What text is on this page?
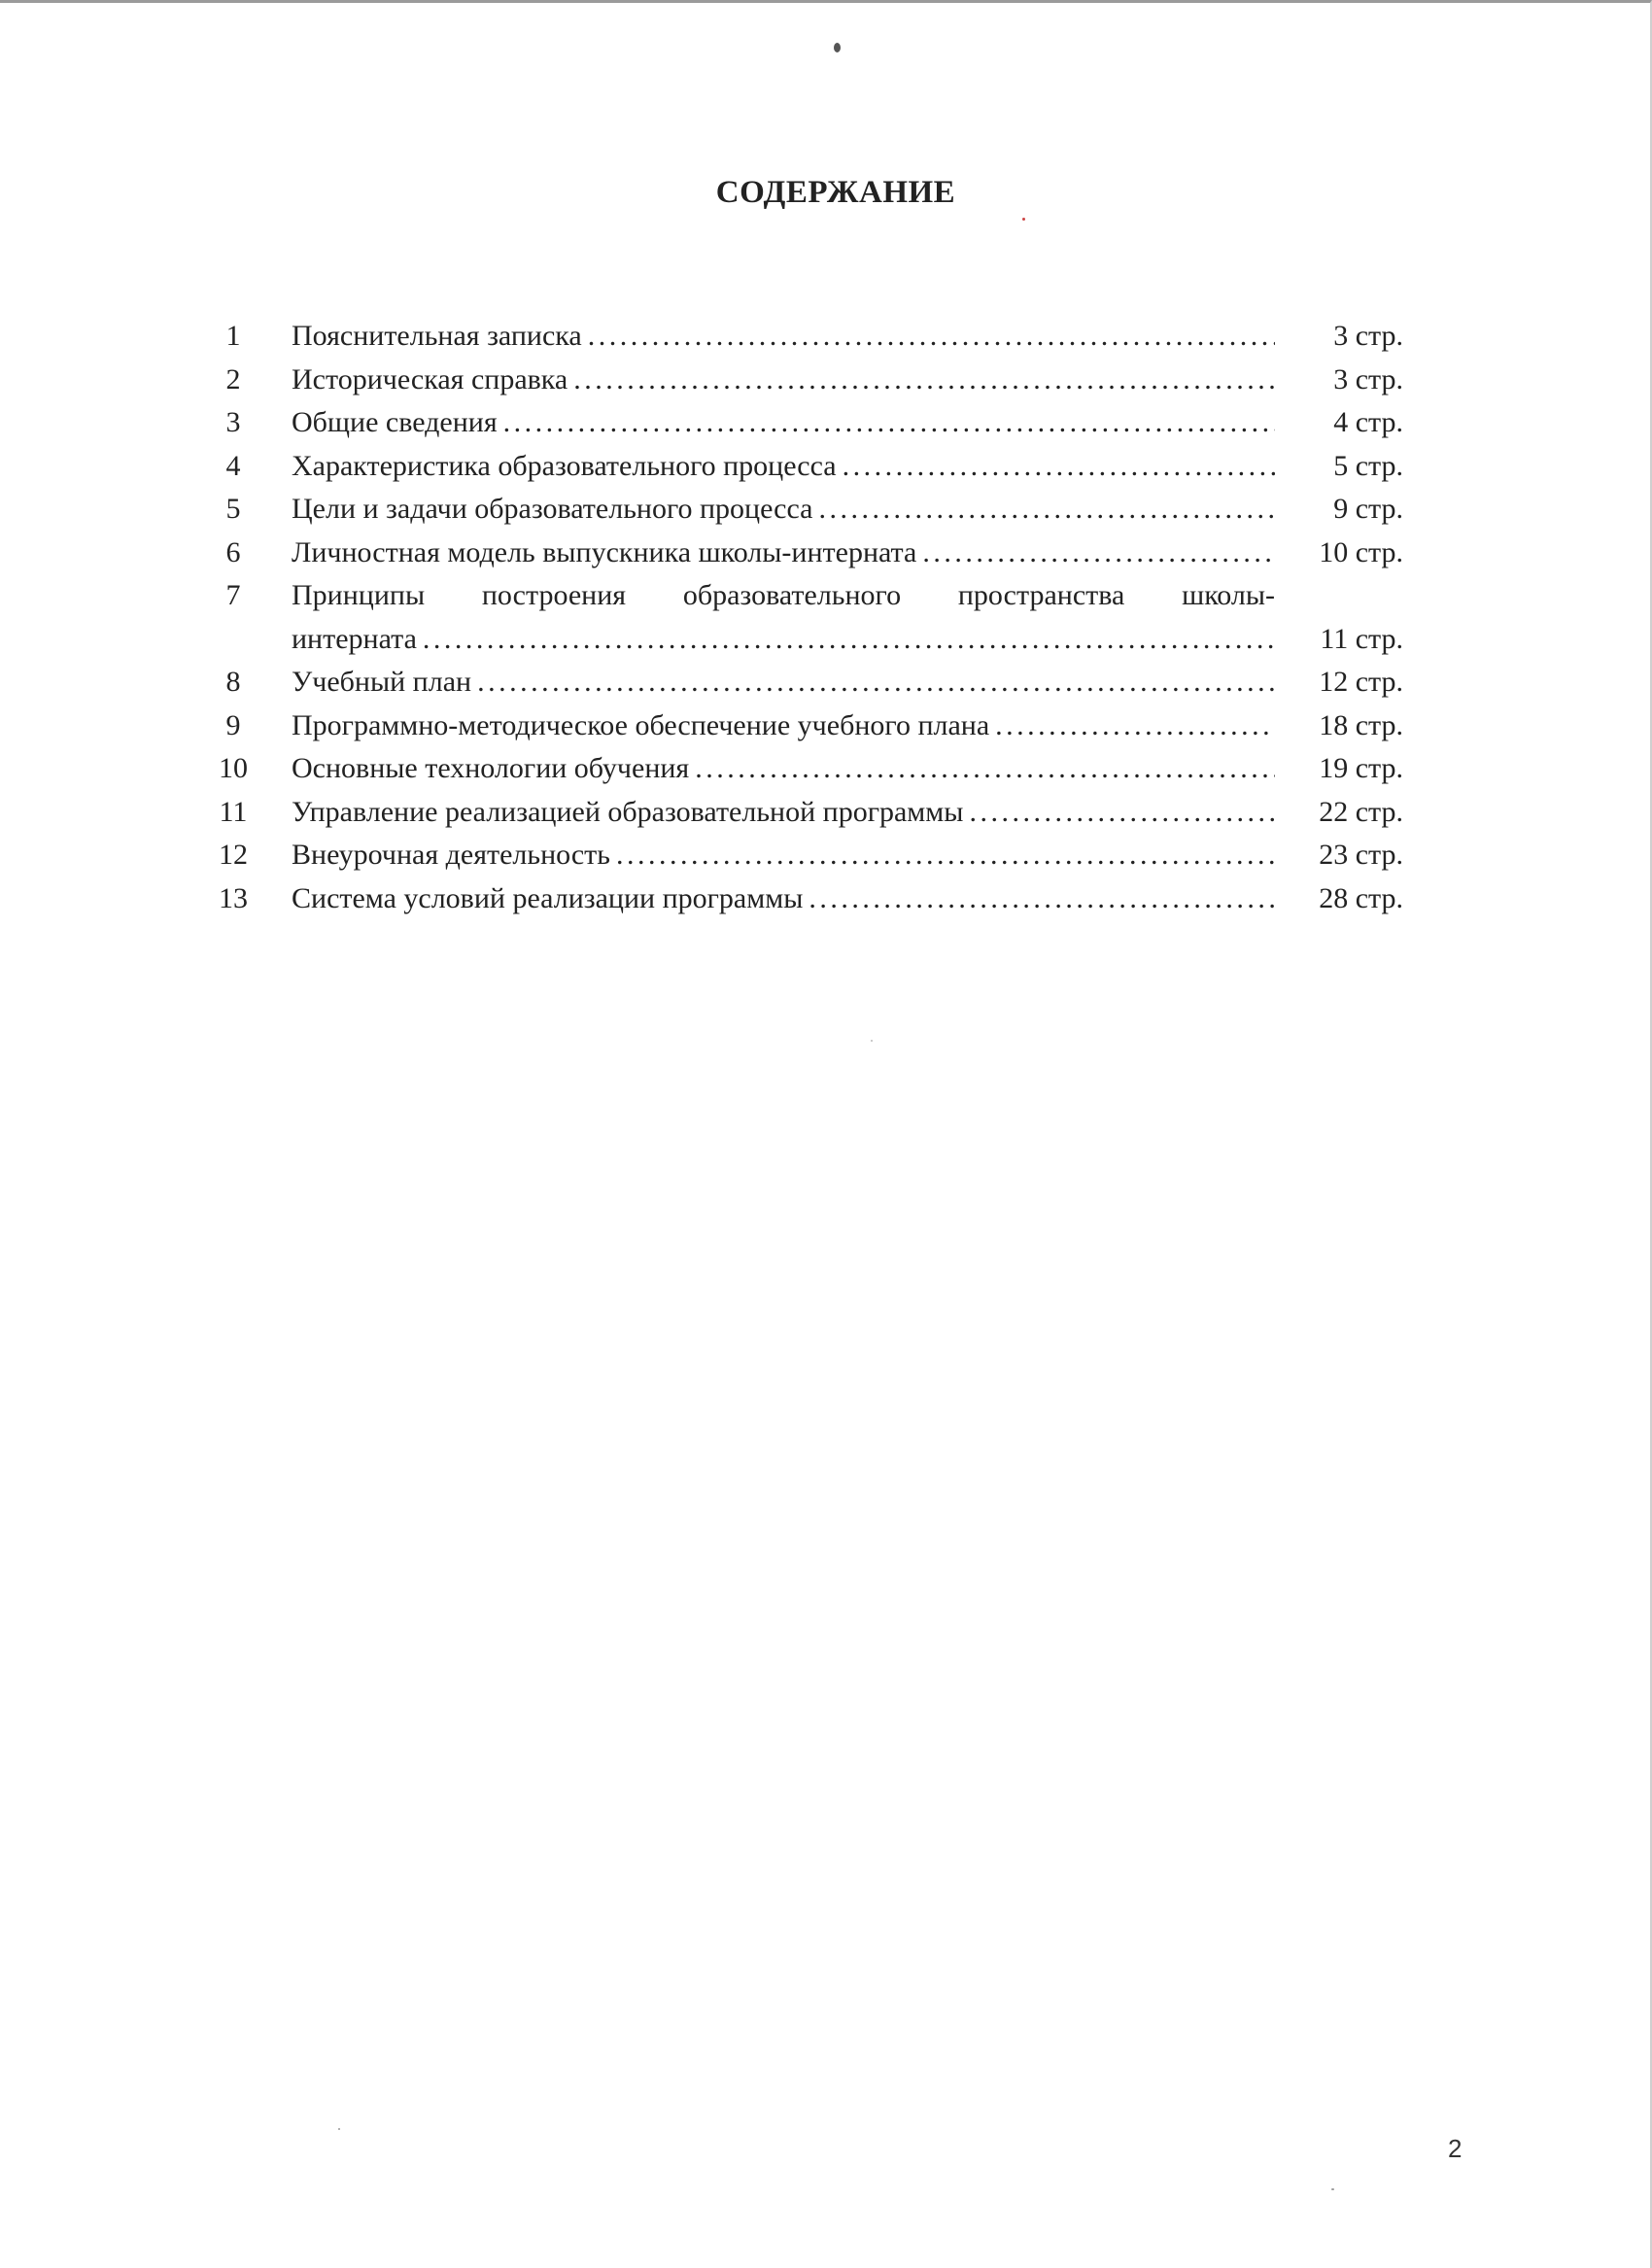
СОДЕРЖАНИЕ
1	Пояснительная записка . . .	3 стр.
2	Историческая справка . . .	3 стр.
3	Общие сведения . . .	4 стр.
4	Характеристика образовательного процесса . . .	5 стр.
5	Цели и задачи образовательного процесса . . .	9 стр.
6	Личностная модель выпускника школы-интерната . . .	10 стр.
7	Принципы построения образовательного пространства школы-
интерната . . .	11 стр.
8	Учебный план . . .	12 стр.
9	Программно-методическое обеспечение учебного плана . . .	18 стр.
10	Основные технологии обучения . . .	19 стр.
11	Управление реализацией образовательной программы . . .	22 стр.
12	Внеурочная деятельность . . .	23 стр.
13	Система условий реализации программы . . .	28 стр.
2
